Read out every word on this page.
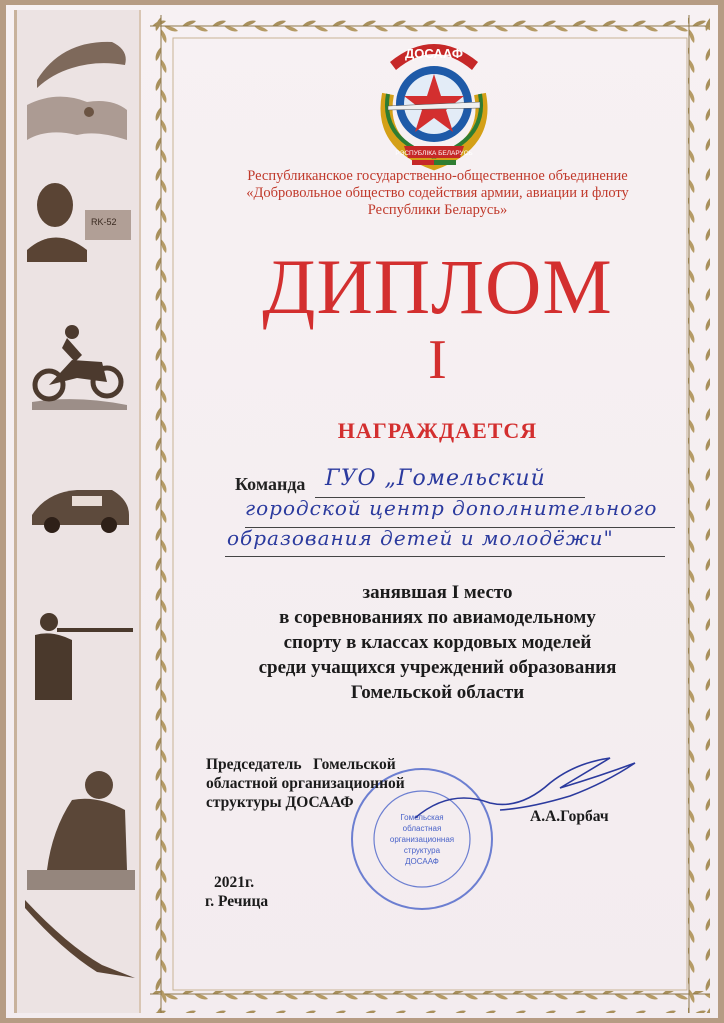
RK-52
ДОСААФ
РЭСПУБЛІКА БЕЛАРУСЬ
Республиканское государственно-общественное объединение
«Добровольное общество содействия армии, авиации и флоту
Республики Беларусь»
ДИПЛОМ
I
НАГРАЖДАЕТСЯ
Команда ГУО „Гомельский
городской центр дополнительного
образования детей и молодёжи"
занявшая I место
в соревнованиях по авиамодельному
спорту в классах кордовых моделей
среди учащихся учреждений образования
Гомельской области
Гомельская
областная
организационная
структура
ДОСААФ
Председатель   Гомельской
областной организационной
структуры ДОСААФ
А.А.Горбач
2021г.
г. Речица
